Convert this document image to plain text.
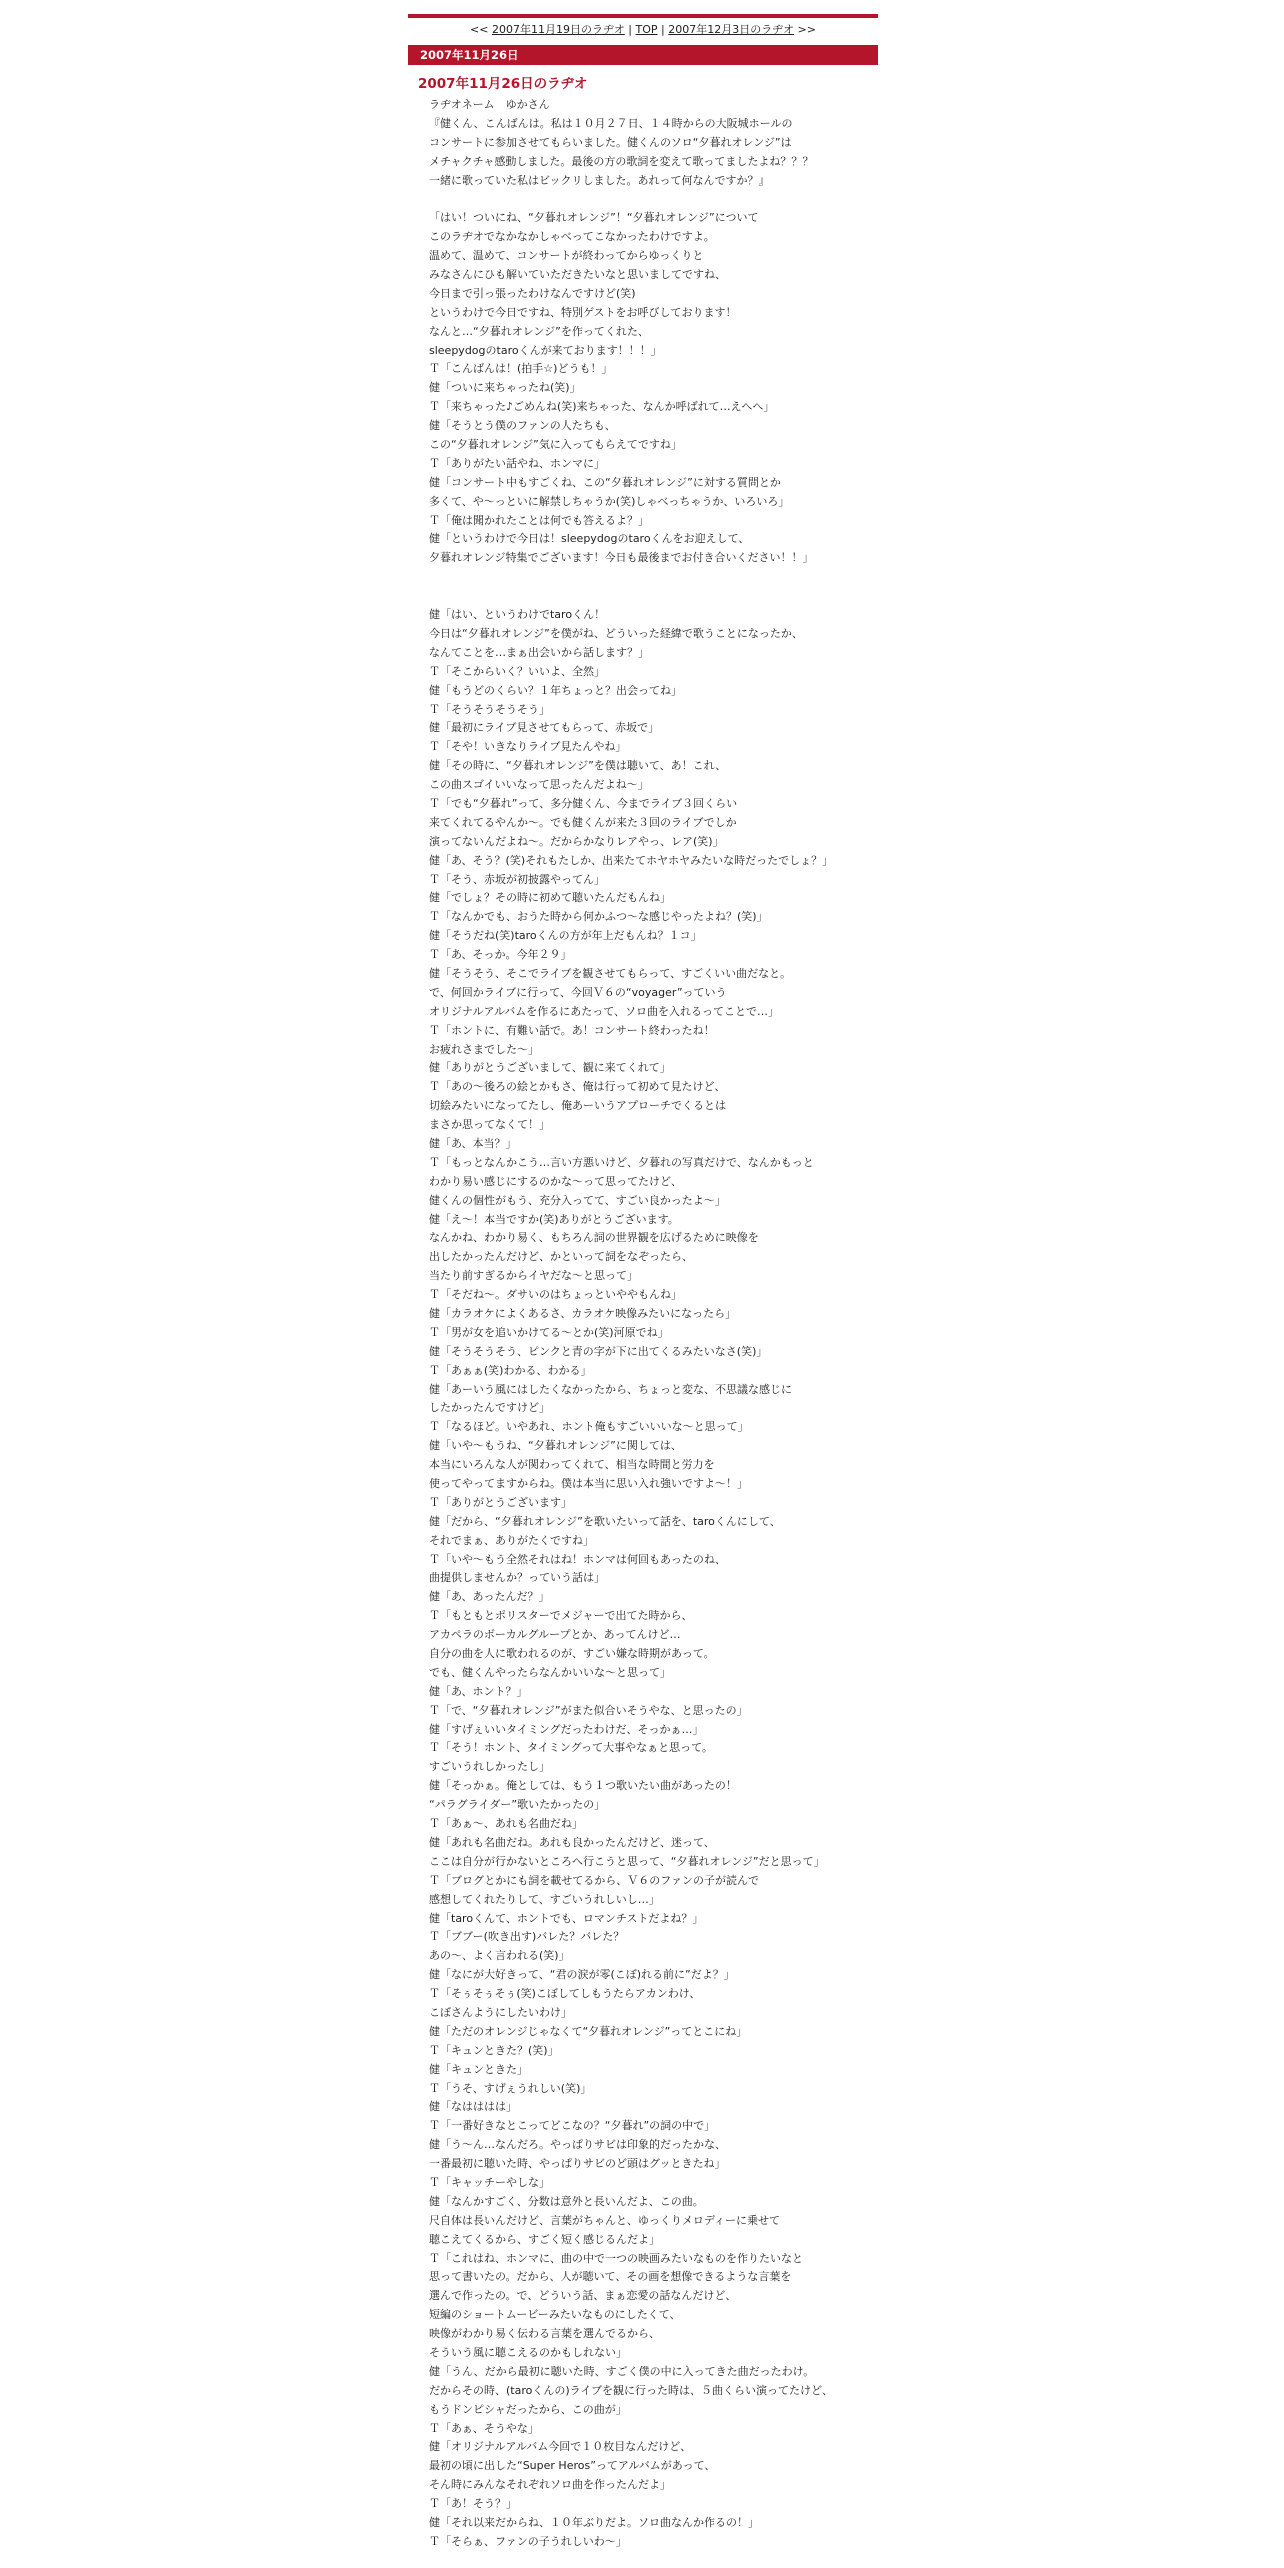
<< 2007年11月19日のラヂオ | TOP | 2007年12月3日のラヂオ >>
2007年11月26日
2007年11月26日のラヂオ
ラヂオネーム　ゆかさん
『健くん、こんばんは。私は１０月２７日、１４時からの大阪城ホールの
コンサートに参加させてもらいました。健くんのソロ“夕暮れオレンジ”は
メチャクチャ感動しました。最後の方の歌詞を変えて歌ってましたよね？？？
一緒に歌っていた私はビックリしました。あれって何なんですか？』
「はい！ついにね、“夕暮れオレンジ”！“夕暮れオレンジ”について
このラヂオでなかなかしゃべってこなかったわけですよ。
温めて、温めて、コンサートが終わってからゆっくりと
みなさんにひも解いていただきたいなと思いましてですね、
今日まで引っ張ったわけなんですけど(笑)
というわけで今日ですね、特別ゲストをお呼びしております！
なんと…“夕暮れオレンジ”を作ってくれた、
sleepydogのtaroくんが来ております！！！」
Ｔ「こんばんは！(拍手☆)どうも！」
健「ついに来ちゃったね(笑)」
Ｔ「来ちゃった♪ごめんね(笑)来ちゃった、なんか呼ばれて…えへへ」
健「そうとう僕のファンの人たちも、
この“夕暮れオレンジ”気に入ってもらえてですね」
Ｔ「ありがたい話やね、ホンマに」
健「コンサート中もすごくね、この“夕暮れオレンジ”に対する質問とか
多くて、や～っといに解禁しちゃうか(笑)しゃべっちゃうか、いろいろ」
Ｔ「俺は聞かれたことは何でも答えるよ？」
健「というわけで今日は！sleepydogのtaroくんをお迎えして、
夕暮れオレンジ特集でございます！今日も最後までお付き合いください！！」
健「はい、というわけでtaroくん！
今日は“夕暮れオレンジ”を僕がね、どういった経緯で歌うことになったか、
なんてことを…まぁ出会いから話します？」
Ｔ「そこからいく？いいよ、全然」
健「もうどのくらい？１年ちょっと？出会ってね」
Ｔ「そうそうそうそう」
健「最初にライブ見させてもらって、赤坂で」
Ｔ「そや！いきなりライブ見たんやね」
健「その時に、“夕暮れオレンジ”を僕は聴いて、あ！これ、
この曲スゴイいいなって思ったんだよね～」
Ｔ「でも“夕暮れ”って、多分健くん、今までライブ３回くらい
来てくれてるやんか～。でも健くんが来た３回のライブでしか
演ってないんだよね～。だからかなりレアやっ、レア(笑)」
健「あ、そう？(笑)それもたしか、出来たてホヤホヤみたいな時だったでしょ？」
Ｔ「そう、赤坂が初披露やってん」
健「でしょ？その時に初めて聴いたんだもんね」
Ｔ「なんかでも、おうた時から何かふつ～な感じやったよね？(笑)」
健「そうだね(笑)taroくんの方が年上だもんね？１コ」
Ｔ「あ、そっか。今年２９」
健「そうそう、そこでライブを観させてもらって、すごくいい曲だなと。
で、何回かライブに行って、今回Ｖ６の“voyager”っていう
オリジナルアルバムを作るにあたって、ソロ曲を入れるってことで…」
Ｔ「ホントに、有難い話で。あ！コンサート終わったね！
お疲れさまでした～」
健「ありがとうございまして、観に来てくれて」
Ｔ「あの～後ろの絵とかもさ、俺は行って初めて見たけど、
切絵みたいになってたし、俺あーいうアプローチでくるとは
まさか思ってなくて！」
健「あ、本当？」
Ｔ「もっとなんかこう…言い方悪いけど、夕暮れの写真だけで、なんかもっと
わかり易い感じにするのかな～って思ってたけど、
健くんの個性がもう、充分入ってて、すごい良かったよ～」
健「え～！本当ですか(笑)ありがとうございます。
なんかね、わかり易く、もちろん詞の世界観を広げるために映像を
出したかったんだけど、かといって詞をなぞったら、
当たり前すぎるからイヤだな～と思って」
Ｔ「そだね～。ダサいのはちょっといややもんね」
健「カラオケによくあるさ、カラオケ映像みたいになったら」
Ｔ「男が女を追いかけてる～とか(笑)河原でね」
健「そうそうそう、ピンクと青の字が下に出てくるみたいなさ(笑)」
Ｔ「あぁぁ(笑)わかる、わかる」
健「あーいう風にはしたくなかったから、ちょっと変な、不思議な感じに
したかったんですけど」
Ｔ「なるほど。いやあれ、ホント俺もすごいいいな～と思って」
健「いや～もうね、“夕暮れオレンジ”に関しては、
本当にいろんな人が関わってくれて、相当な時間と労力を
使ってやってますからね。僕は本当に思い入れ強いですよ～！」
Ｔ「ありがとうございます」
健「だから、“夕暮れオレンジ”を歌いたいって話を、taroくんにして、
それでまぁ、ありがたくですね」
Ｔ「いや～もう全然それはね！ホンマは何回もあったのね、
曲提供しませんか？っていう話は」
健「あ、あったんだ？」
Ｔ「もともとポリスターでメジャーで出てた時から、
アカペラのボーカルグループとか、あってんけど…
自分の曲を人に歌われるのが、すごい嫌な時期があって。
でも、健くんやったらなんかいいな～と思って」
健「あ、ホント？」
Ｔ「で、“夕暮れオレンジ”がまた似合いそうやな、と思ったの」
健「すげぇいいタイミングだったわけだ、そっかぁ…」
Ｔ「そう！ホント、タイミングって大事やなぁと思って。
すごいうれしかったし」
健「そっかぁ。俺としては、もう１つ歌いたい曲があったの！
“パラグライダー”歌いたかったの」
Ｔ「あぁ～、あれも名曲だね」
健「あれも名曲だね。あれも良かったんだけど、迷って、
ここは自分が行かないところへ行こうと思って、“夕暮れオレンジ”だと思って」
Ｔ「ブログとかにも詞を載せてるから、Ｖ６のファンの子が読んで
感想してくれたりして、すごいうれしいし…」
健「taroくんて、ホントでも、ロマンチストだよね？」
Ｔ「ブブー(吹き出す)バレた？バレた？
あの～、よく言われる(笑)」
健「なにが大好きって、“君の涙が零(こぼ)れる前に”だよ？」
Ｔ「そぅそぅそぅ(笑)こぼしてしもうたらアカンわけ、
こぼさんようにしたいわけ」
健「ただのオレンジじゃなくて“夕暮れオレンジ”ってとこにね」
Ｔ「キュンときた？(笑)」
健「キュンときた」
Ｔ「うそ、すげぇうれしい(笑)」
健「なはははは」
Ｔ「一番好きなとこってどこなの？“夕暮れ”の詞の中で」
健「う～ん…なんだろ。やっぱりサビは印象的だったかな、
一番最初に聴いた時、やっぱりサビのど頭はグッときたね」
Ｔ「キャッチーやしな」
健「なんかすごく、分数は意外と長いんだよ、この曲。
尺自体は長いんだけど、言葉がちゃんと、ゆっくりメロディーに乗せて
聴こえてくるから、すごく短く感じるんだよ」
Ｔ「これはね、ホンマに、曲の中で一つの映画みたいなものを作りたいなと
思って書いたの。だから、人が聴いて、その画を想像できるような言葉を
選んで作ったの。で、どういう話、まぁ恋愛の話なんだけど、
短編のショートムービーみたいなものにしたくて、
映像がわかり易く伝わる言葉を選んでるから、
そういう風に聴こえるのかもしれない」
健「うん、だから最初に聴いた時、すごく僕の中に入ってきた曲だったわけ。
だからその時、(taroくんの)ライブを観に行った時は、５曲くらい演ってたけど、
もうドンピシャだったから、この曲が」
Ｔ「あぁ、そうやな」
健「オリジナルアルバム今回で１０枚目なんだけど、
最初の頃に出した“Super Heros”ってアルバムがあって、
そん時にみんなそれぞれソロ曲を作ったんだよ」
Ｔ「あ！そう？」
健「それ以来だからね、１０年ぶりだよ。ソロ曲なんか作るの！」
Ｔ「そらぁ、ファンの子うれしいわ～」
